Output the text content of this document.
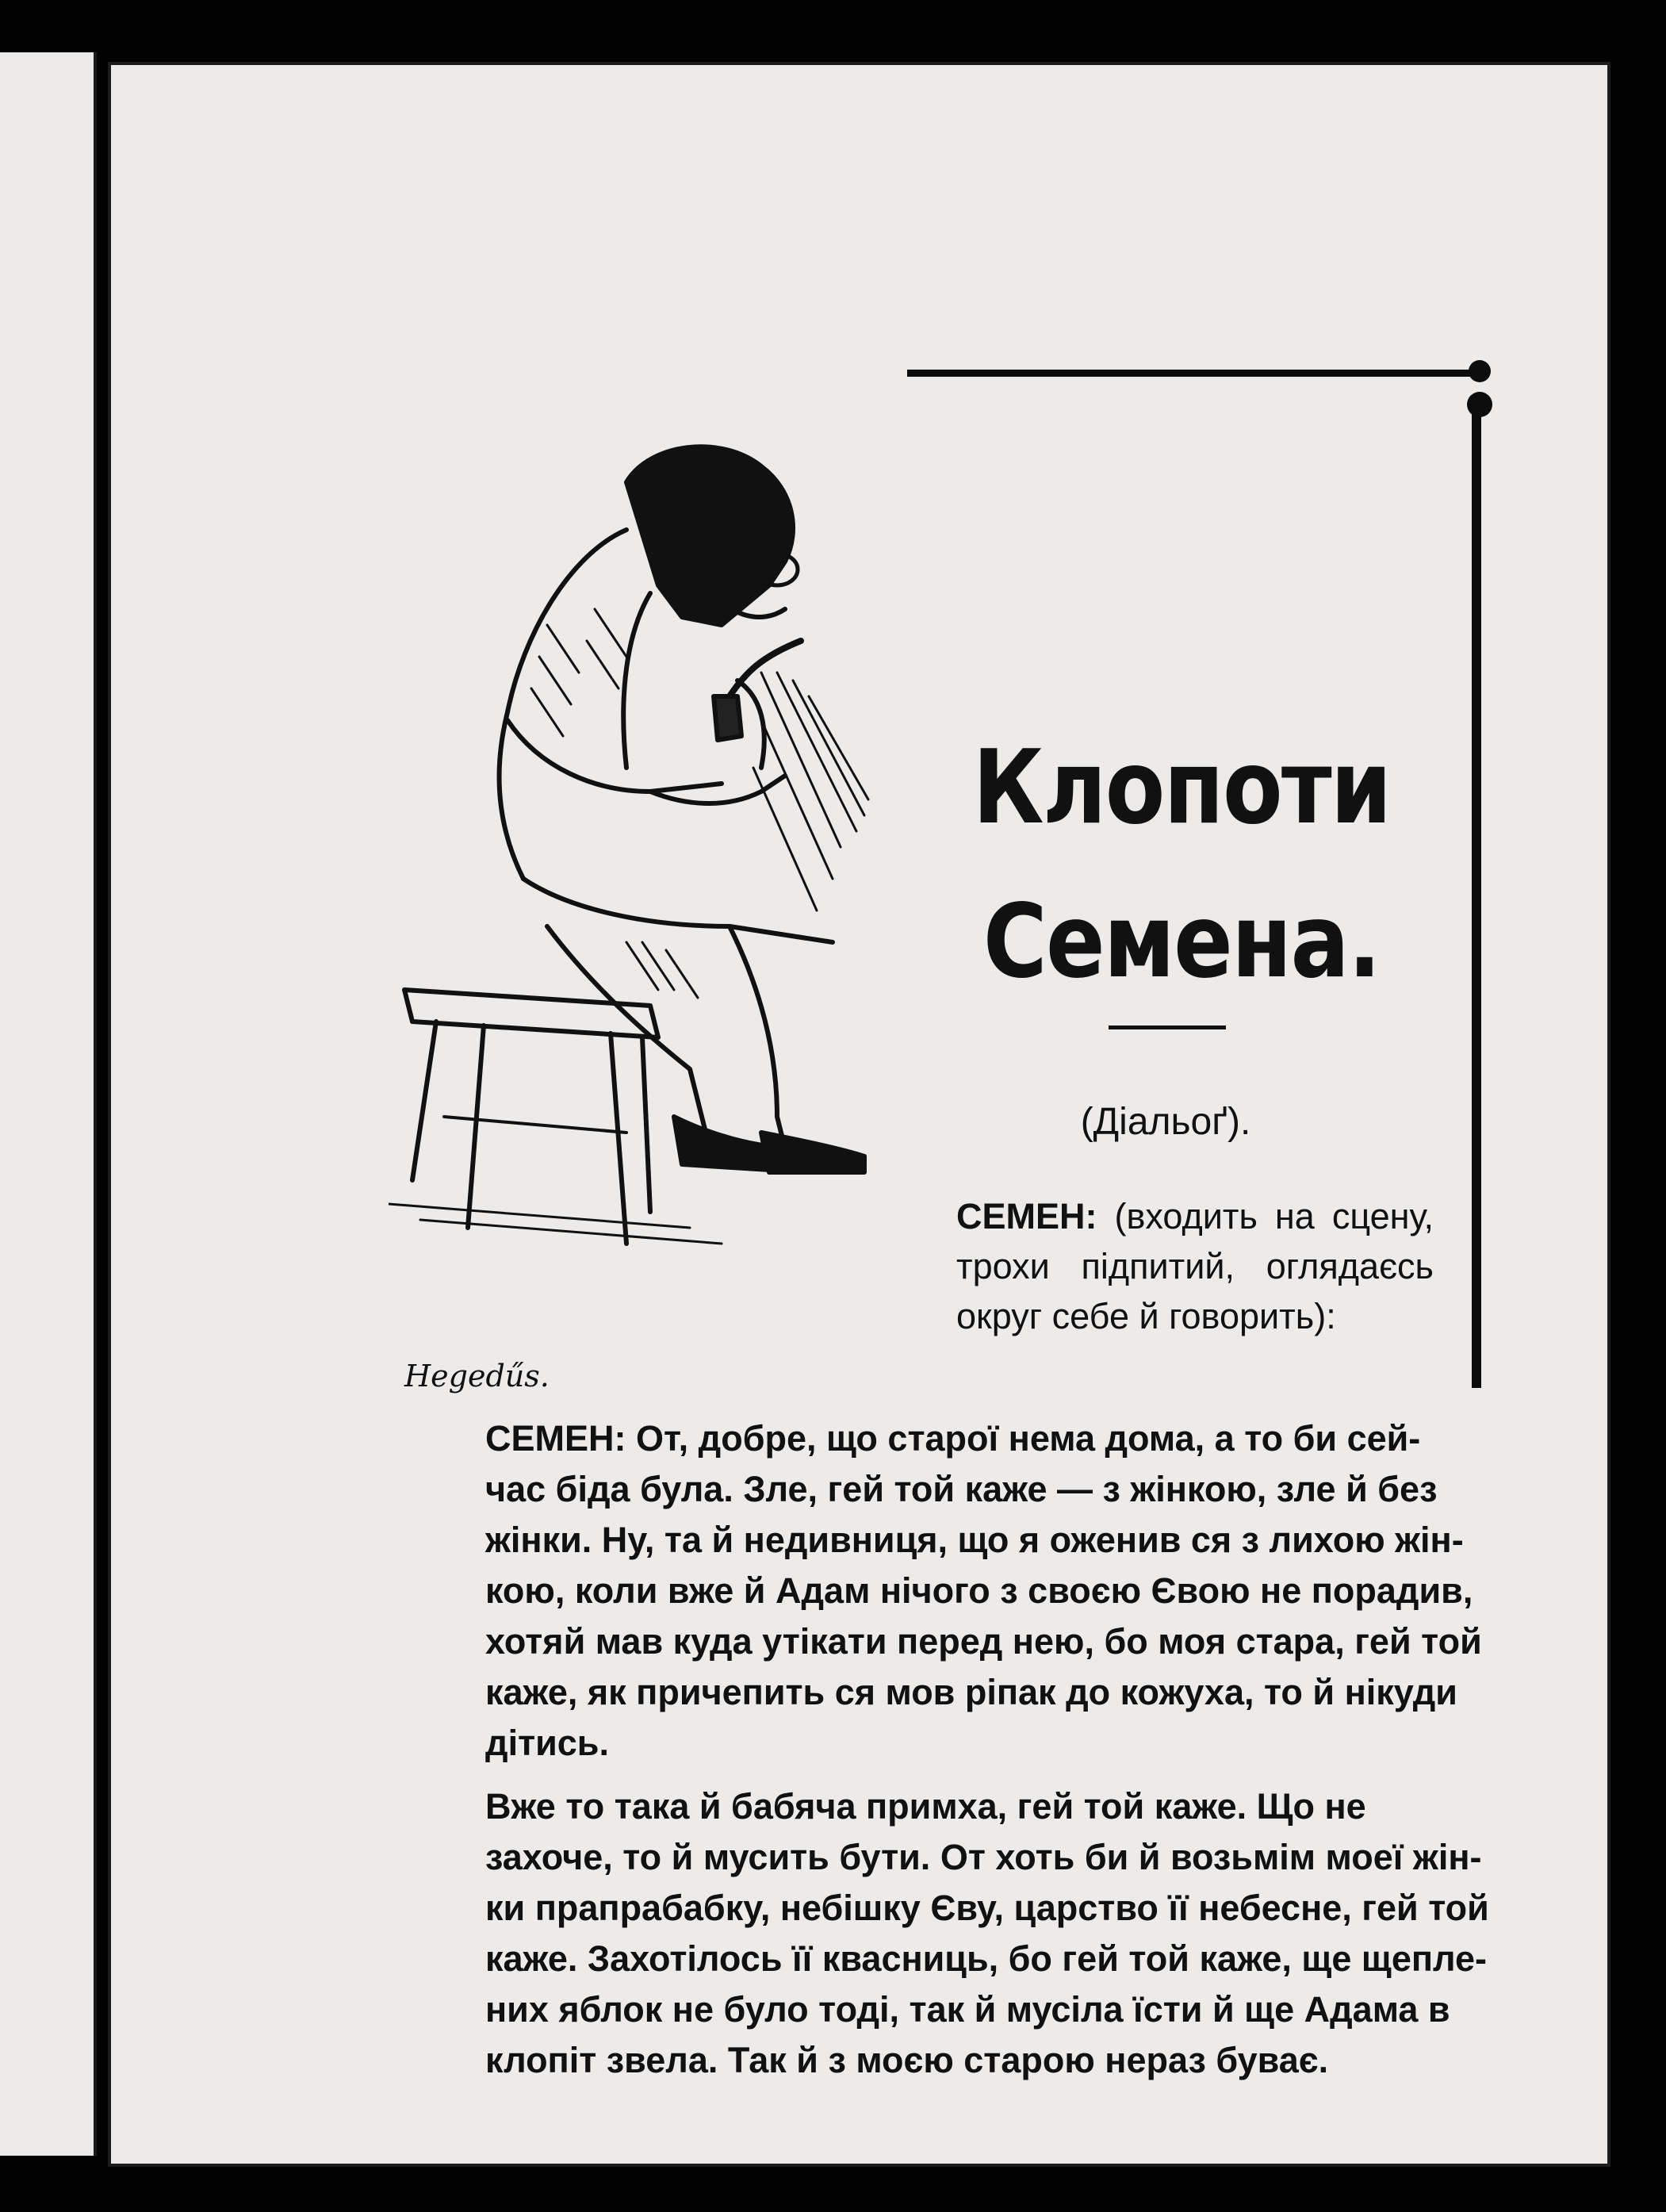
Hegedűs.
Клопоти
Семена.
(Діальоґ).
СЕМЕН: (входить на сцену, трохи підпитий, оглядаєсь округ себе й говорить):
СЕМЕН: От, добре, що старої нема дома, а то би сей-
час біда була. Зле, гей той каже — з жінкою, зле й без
жінки. Ну, та й недивниця, що я оженив ся з лихою жін-
кою, коли вже й Адам нічого з своєю Євою не порадив,
хотяй мав куда утікати перед нею, бо моя стара, гей той
каже, як причепить ся мов ріпак до кожуха, то й нікуди
дітись.
Вже то така й бабяча примха, гей той каже. Що не
захоче, то й мусить бути. От хоть би й возьмім моеї жін-
ки прапрабабку, небішку Єву, царство її небесне, гей той
каже. Захотілось її квасниць, бо гей той каже, ще щепле-
них яблок не було тоді, так й мусіла їсти й ще Адама в
клопіт звела. Так й з моєю старою нераз буває.
